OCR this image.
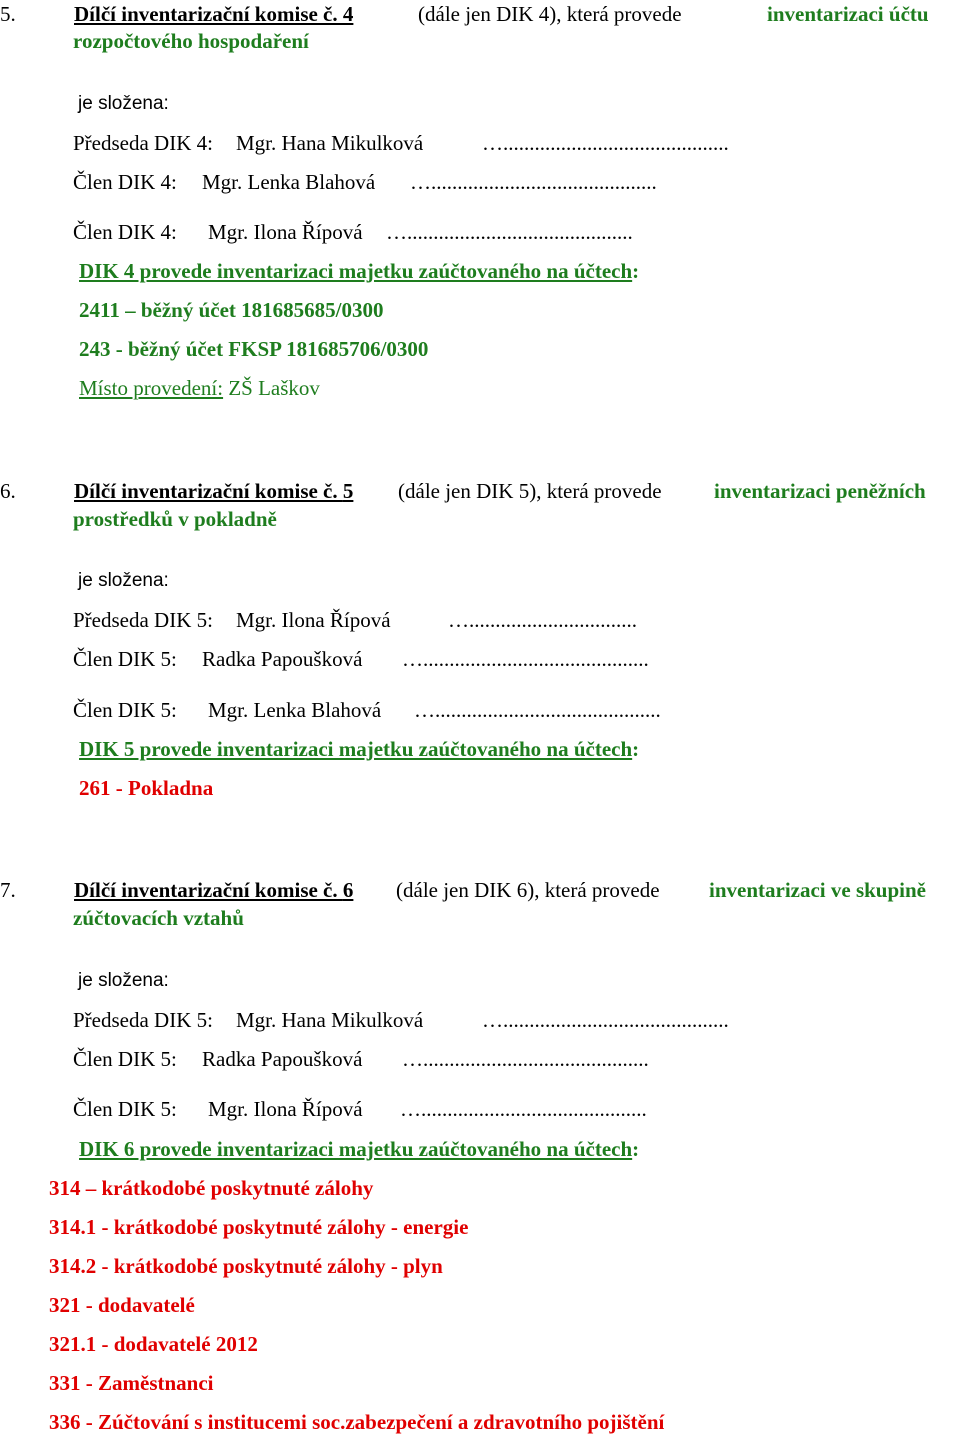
5.	Dílčí inventarizační komise č. 4	(dále jen DIK 4), která provede	inventarizaci účtu
rozpočtového hospodaření
je složena:
Předseda DIK 4: Mgr. Hana Mikulková	…...........................................
Člen DIK 4: Mgr. Lenka Blahová …...........................................
Člen DIK 4: Mgr. Ilona Řípová …...........................................
DIK 4 provede inventarizaci majetku zaúčtovaného na účtech:
2411 – běžný účet 181685685/0300
243 - běžný účet FKSP 181685706/0300
Místo provedení: ZŠ Laškov
6.	Dílčí inventarizační komise č. 5 (dále jen DIK 5), která provede inventarizaci peněžních
prostředků v pokladně
je složena:
Předseda DIK 5: Mgr. Ilona Řípová	…................................
Člen DIK 5: Radka Papoušková …...........................................
Člen DIK 5: Mgr. Lenka Blahová …...........................................
DIK 5 provede inventarizaci majetku zaúčtovaného na účtech:
261 - Pokladna
7.	Dílčí inventarizační komise č. 6 (dále jen DIK 6), která provede inventarizaci ve skupině
zúčtovacích vztahů
je složena:
Předseda DIK 5: Mgr. Hana Mikulková	…...........................................
Člen DIK 5: Radka Papoušková …...........................................
Člen DIK 5: Mgr. Ilona Řípová …...........................................
DIK 6 provede inventarizaci majetku zaúčtovaného na účtech:
314 – krátkodobé poskytnuté zálohy
314.1 - krátkodobé poskytnuté zálohy - energie
314.2 - krátkodobé poskytnuté zálohy - plyn
321 - dodavatelé
321.1 - dodavatelé 2012
331 - Zaměstnanci
336 - Zúčtování s institucemi soc.zabezpečení a zdravotního pojištění
